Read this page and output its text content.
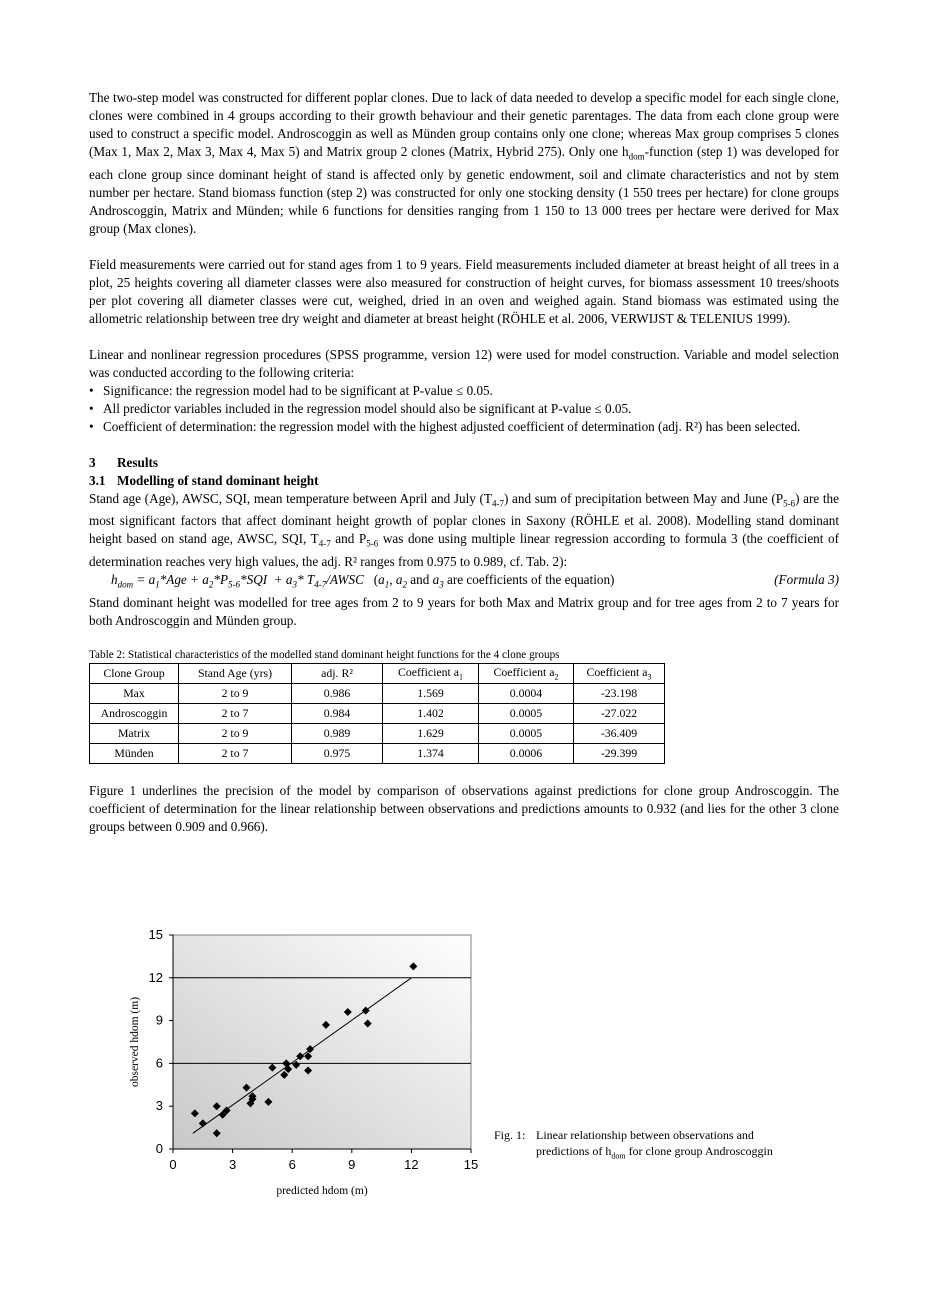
The two-step model was constructed for different poplar clones. Due to lack of data needed to develop a specific model for each single clone, clones were combined in 4 groups according to their growth behaviour and their genetic parentages. The data from each clone group were used to construct a specific model. Androscoggin as well as Münden group contains only one clone; whereas Max group comprises 5 clones (Max 1, Max 2, Max 3, Max 4, Max 5) and Matrix group 2 clones (Matrix, Hybrid 275). Only one $h_{dom}$-function (step 1) was developed for each clone group since dominant height of stand is affected only by genetic endowment, soil and climate characteristics and not by stem number per hectare. Stand biomass function (step 2) was constructed for only one stocking density (1 550 trees per hectare) for clone groups Androscoggin, Matrix and Münden; while 6 functions for densities ranging from 1 150 to 13 000 trees per hectare were derived for Max group (Max clones).

Field measurements were carried out for stand ages from 1 to 9 years. Field measurements included diameter at breast height of all trees in a plot, 25 heights covering all diameter classes were also measured for construction of height curves, for biomass assessment 10 trees/shoots per plot covering all diameter classes were cut, weighed, dried in an oven and weighed again. Stand biomass was estimated using the allometric relationship between tree dry weight and diameter at breast height (RÖHLE et al. 2006, VERWIJST & TELENIUS 1999).

Linear and nonlinear regression procedures (SPSS programme, version 12) were used for model construction. Variable and model selection was conducted according to the following criteria:

• Significance: the regression model had to be significant at P-value ≤ 0.05.
• All predictor variables included in the regression model should also be significant at P-value ≤ 0.05.
• Coefficient of determination: the regression model with the highest adjusted coefficient of determination (adj. R²) has been selected.
3 Results
3.1 Modelling of stand dominant height

Stand age (Age), AWSC, SQI, mean temperature between April and July $(T_{4-7})$ and sum of precipitation between May and June $(P_{5-6})$ are the most significant factors that affect dominant height growth of poplar clones in Saxony (RÖHLE et al. 2008). Modelling stand dominant height based on stand age, AWSC, SQI, $T_{4-7}$ and $P_{5-6}$ was done using multiple linear regression according to formula 3 (the coefficient of determination reaches very high values, the adj. R² ranges from 0.975 to 0.989, cf. Tab. 2):

$h_{dom} = a_1*Age + a_2*P_{5-6}*SQI + a_3*$ $T_{4-7}$/AWSC   ($a_1$, $a_2$ and $a_3$ are coefficients of the equation)	(Formula 3)

Stand dominant height was modelled for tree ages from 2 to 9 years for both Max and Matrix group and for tree ages from 2 to 7 years for both Androscoggin and Münden group.

Table 2: Statistical characteristics of the modelled stand dominant height functions for the 4 clone groups
Clone Group	Stand Age (yrs)	adj. R²	Coefficient $a_1$	Coefficient $a_2$	Coefficient $a_3$
Max	2 to 9	0.986	1.569	0.0004	-23.198
Androscoggin	2 to 7	0.984	1.402	0.0005	-27.022
Matrix	2 to 9	0.989	1.629	0.0005	-36.409
Münden	2 to 7	0.975	1.374	0.0006	-29.399

Figure 1 underlines the precision of the model by comparison of observations against predictions for clone group Androscoggin. The coefficient of determination for the linear relationship between observations and predictions amounts to 0.932 (and lies for the other 3 clone groups between 0.909 and 0.966).

0	3	6	9	12	15
0
3
6
9
12
15
predicted hdom (m)
observed hdom (m)
Fig. 1: Linear relationship between observations and
predictions of $h_{dom}$ for clone group Androscoggin
